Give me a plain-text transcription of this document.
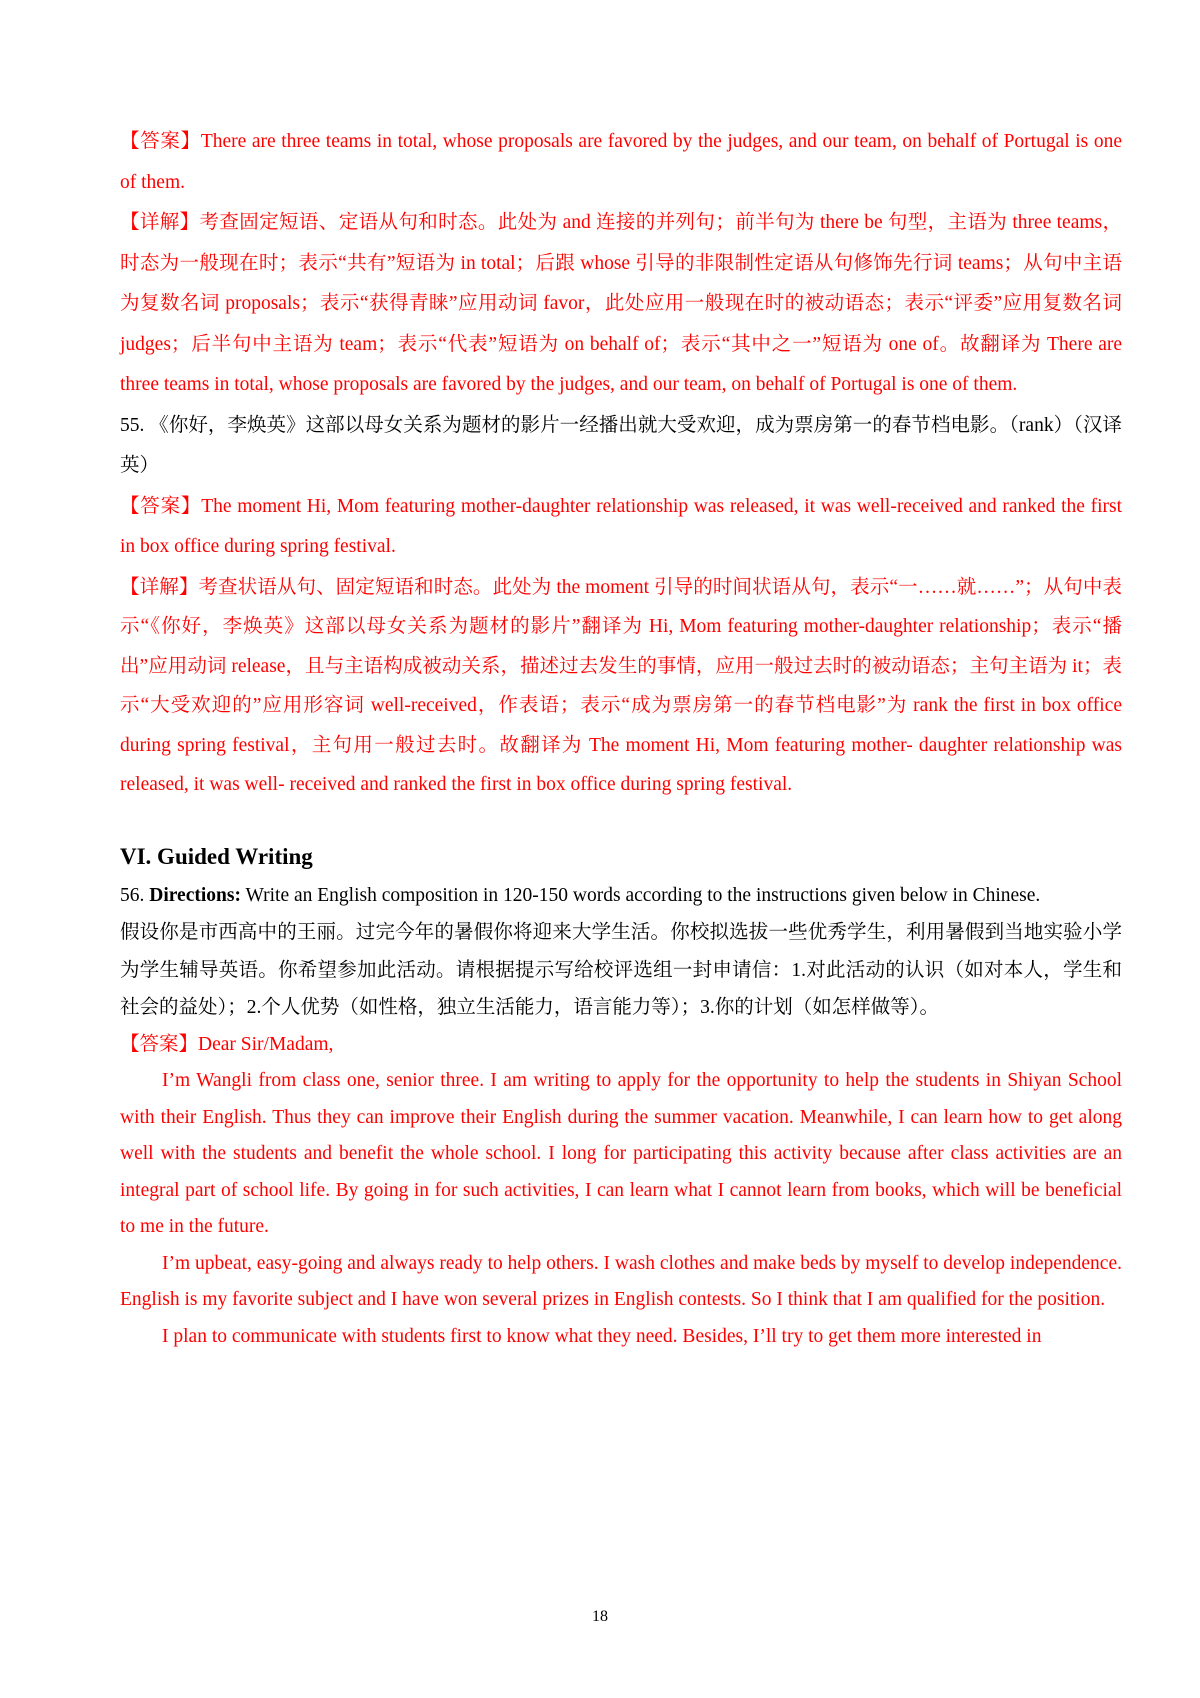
【答案】There are three teams in total, whose proposals are favored by the judges, and our team, on behalf of Portugal is one of them.

【详解】考查固定短语、定语从句和时态。此处为 and 连接的并列句；前半句为 there be 句型，主语为 three teams，时态为一般现在时；表示“共有”短语为 in total；后跟 whose 引导的非限制性定语从句修饰先行词 teams；从句中主语为复数名词 proposals；表示“获得青睐”应用动词 favor，此处应用一般现在时的被动语态；表示“评委”应用复数名词 judges；后半句中主语为 team；表示“代表”短语为 on behalf of；表示“其中之一”短语为 one of。故翻译为 There are three teams in total, whose proposals are favored by the judges, and our team, on behalf of Portugal is one of them.

55. 《你好，李焕英》这部以母女关系为题材的影片一经播出就大受欢迎，成为票房第一的春节档电影。（rank）（汉译英）

【答案】The moment Hi, Mom featuring mother-daughter relationship was released, it was well-received and ranked the first in box office during spring festival.

【详解】考查状语从句、固定短语和时态。此处为 the moment 引导的时间状语从句，表示“一……就……”；从句中表示“《你好，李焕英》这部以母女关系为题材的影片”翻译为 Hi, Mom featuring mother-daughter relationship；表示“播出”应用动词 release，且与主语构成被动关系，描述过去发生的事情，应用一般过去时的被动语态；主句主语为 it；表示“大受欢迎的”应用形容词 well-received，作表语；表示“成为票房第一的春节档电影”为 rank the first in box office during spring festival，主句用一般过去时。故翻译为 The moment Hi, Mom featuring mother- daughter relationship was released, it was well- received and ranked the first in box office during spring festival.

VI. Guided Writing

56. Directions: Write an English composition in 120-150 words according to the instructions given below in Chinese.

假设你是市西高中的王丽。过完今年的暑假你将迎来大学生活。你校拟选拔一些优秀学生，利用暑假到当地实验小学为学生辅导英语。你希望参加此活动。请根据提示写给校评选组一封申请信：1.对此活动的认识（如对本人，学生和社会的益处）；2.个人优势（如性格，独立生活能力，语言能力等）；3.你的计划（如怎样做等）。

【答案】Dear Sir/Madam,

I’m Wangli from class one, senior three. I am writing to apply for the opportunity to help the students in Shiyan School with their English. Thus they can improve their English during the summer vacation. Meanwhile, I can learn how to get along well with the students and benefit the whole school. I long for participating this activity because after class activities are an integral part of school life. By going in for such activities, I can learn what I cannot learn from books, which will be beneficial to me in the future.

I’m upbeat, easy-going and always ready to help others. I wash clothes and make beds by myself to develop independence. English is my favorite subject and I have won several prizes in English contests. So I think that I am qualified for the position.

I plan to communicate with students first to know what they need. Besides, I’ll try to get them more interested in

18
